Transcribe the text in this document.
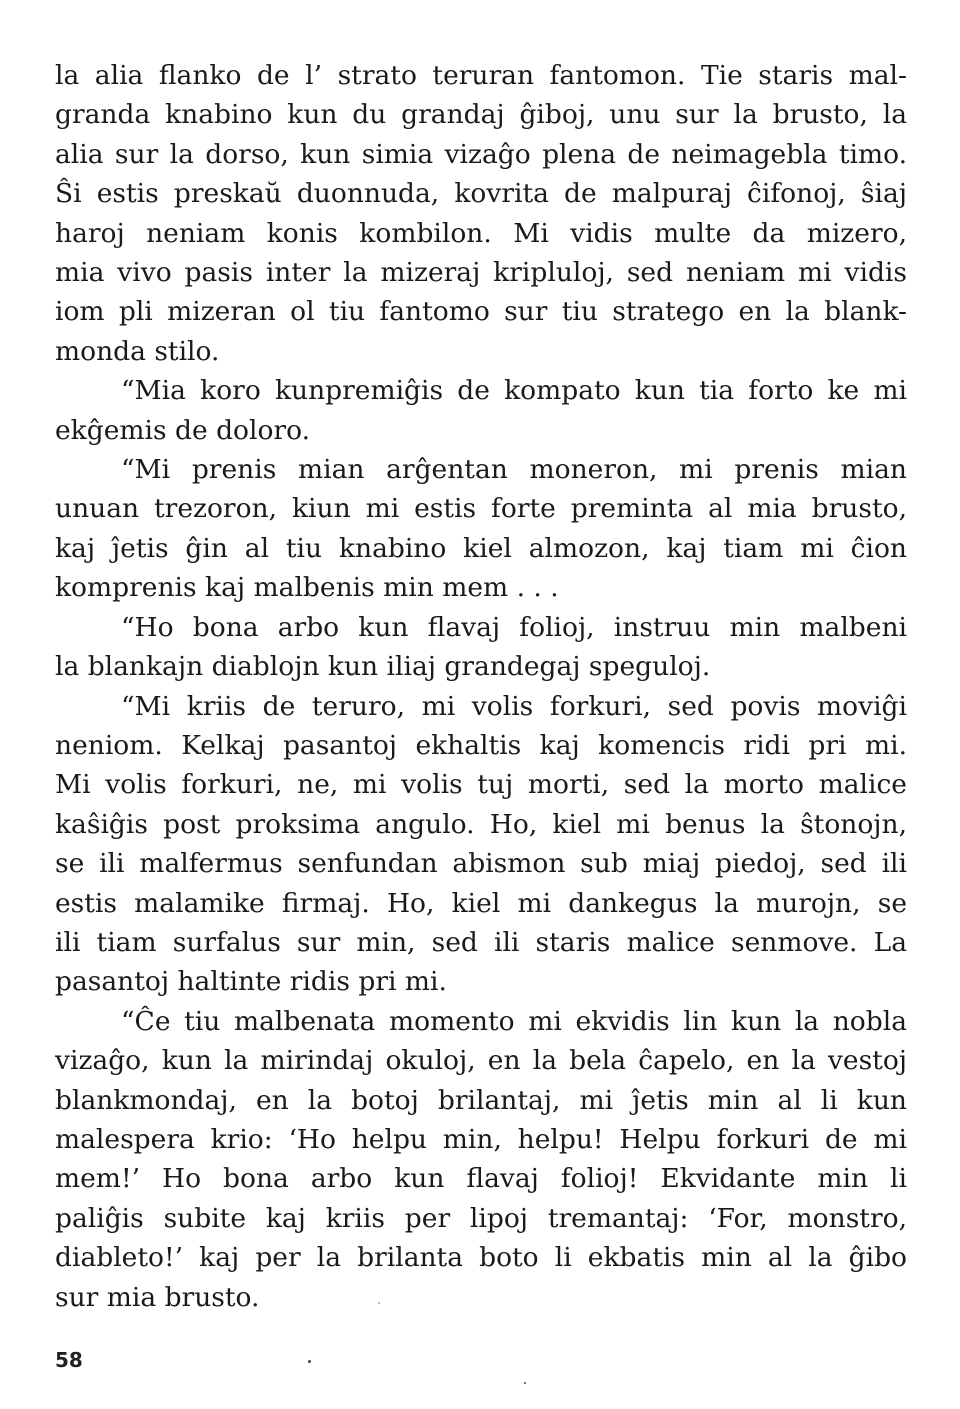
la alia flanko de l’ strato teruran fantomon. Tie staris mal-
granda knabino kun du grandaj ĝiboj, unu sur la brusto, la
alia sur la dorso, kun simia vizaĝo plena de neimagebla timo.
Ŝi estis preskaŭ duonnuda, kovrita de malpuraj ĉifonoj, ŝiaj
haroj neniam konis kombilon. Mi vidis multe da mizero,
mia vivo pasis inter la mizeraj kripluloj, sed neniam mi vidis
iom pli mizeran ol tiu fantomo sur tiu stratego en la blank-
monda stilo.

“Mia koro kunpremiĝis de kompato kun tia forto ke mi
ekĝemis de doloro.

“Mi prenis mian arĝentan moneron, mi prenis mian
unuan trezoron, kiun mi estis forte preminta al mia brusto,
kaj ĵetis ĝin al tiu knabino kiel almozon, kaj tiam mi ĉion
komprenis kaj malbenis min mem . . .

“Ho bona arbo kun flavaj folioj, instruu min malbeni
la blankajn diablojn kun iliaj grandegaj speguloj.

“Mi kriis de teruro, mi volis forkuri, sed povis moviĝi
neniom. Kelkaj pasantoj ekhaltis kaj komencis ridi pri mi.
Mi volis forkuri, ne, mi volis tuj morti, sed la morto malice
kaŝiĝis post proksima angulo. Ho, kiel mi benus la ŝtonojn,
se ili malfermus senfundan abismon sub miaj piedoj, sed ili
estis malamike firmaj. Ho, kiel mi dankegus la murojn, se
ili tiam surfalus sur min, sed ili staris malice senmove. La
pasantoj haltinte ridis pri mi.

“Ĉe tiu malbenata momento mi ekvidis lin kun la nobla
vizaĝo, kun la mirindaj okuloj, en la bela ĉapelo, en la vestoj
blankmondaj, en la botoj brilantaj, mi ĵetis min al li kun
malespera krio: ‘Ho helpu min, helpu! Helpu forkuri de mi
mem!’ Ho bona arbo kun flavaj folioj! Ekvidante min li
paliĝis subite kaj kriis per lipoj tremantaj: ‘For, monstro,
diableto!’ kaj per la brilanta boto li ekbatis min al la ĝibo
sur mia brusto.

58
